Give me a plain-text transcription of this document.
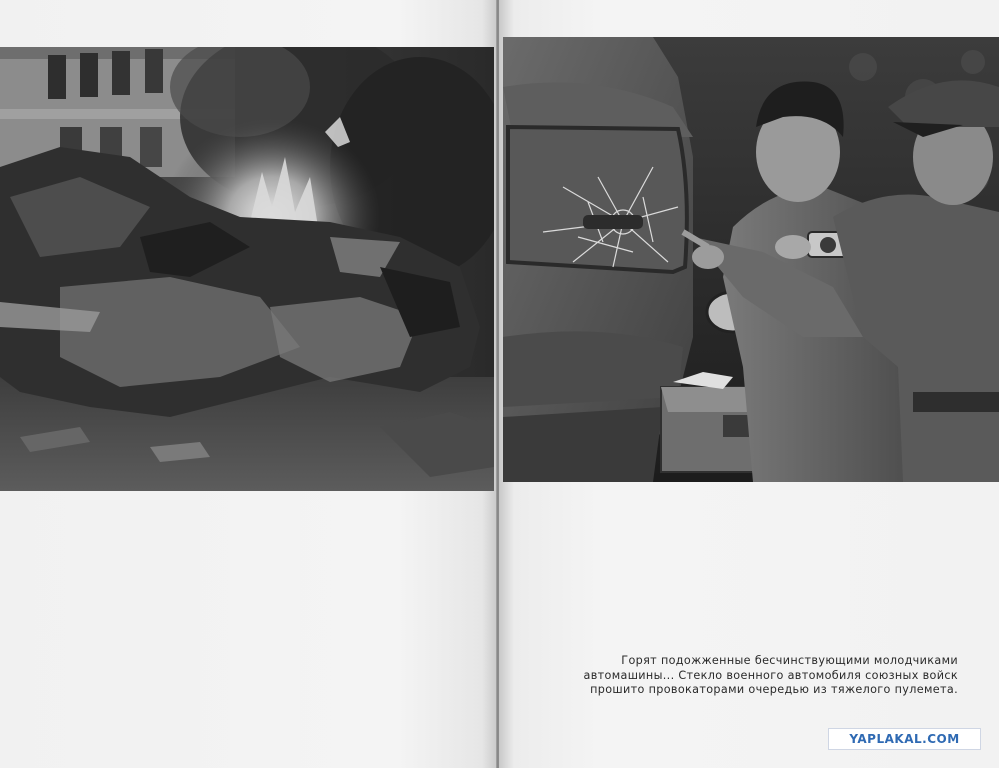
Горят подожженные бесчинствующими молодчиками
автомашины... Стекло военного автомобиля союзных войск
прошито провокаторами очередью из тяжелого пулемета.
YAPLAKAL.COM
